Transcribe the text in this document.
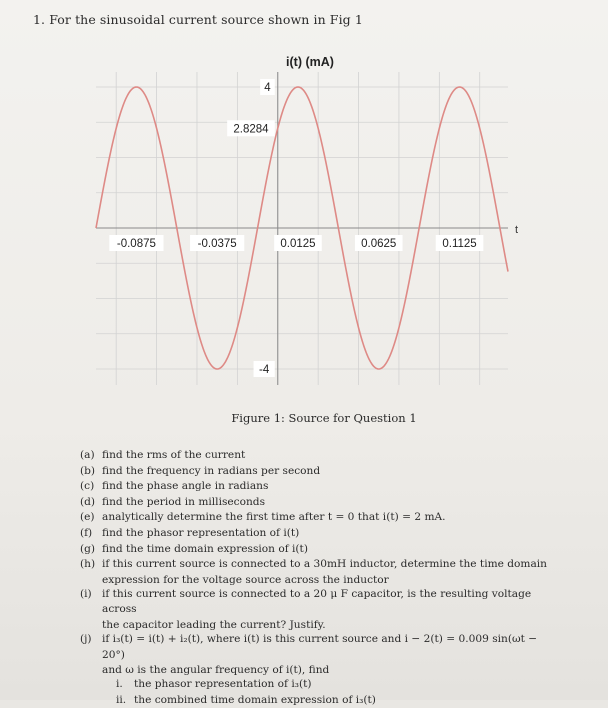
1. For the sinusoidal current source shown in Fig 1
-0.0875	-0.0375	0.0125	0.0625	0.1125
4
2.8284
-4
i(t) (mA)
t
Figure 1: Source for Question 1
(a) find the rms of the current
(b) find the frequency in radians per second
(c) find the phase angle in radians
(d) find the period in milliseconds
(e) analytically determine the first time after t = 0 that i(t) = 2 mA.
(f) find the phasor representation of i(t)
(g) find the time domain expression of i(t)
(h) if this current source is connected to a 30mH inductor, determine the time domain
expression for the voltage source across the inductor
(i) if this current source is connected to a 20 μ F capacitor, is the resulting voltage across
the capacitor leading the current? Justify.
(j) if i₃(t) = i(t) + i₂(t), where i(t) is this current source and i − 2(t) = 0.009 sin(ωt − 20°)
and ω is the angular frequency of i(t), find
i.	the phasor representation of i₃(t)
ii. the combined time domain expression of i₃(t)
